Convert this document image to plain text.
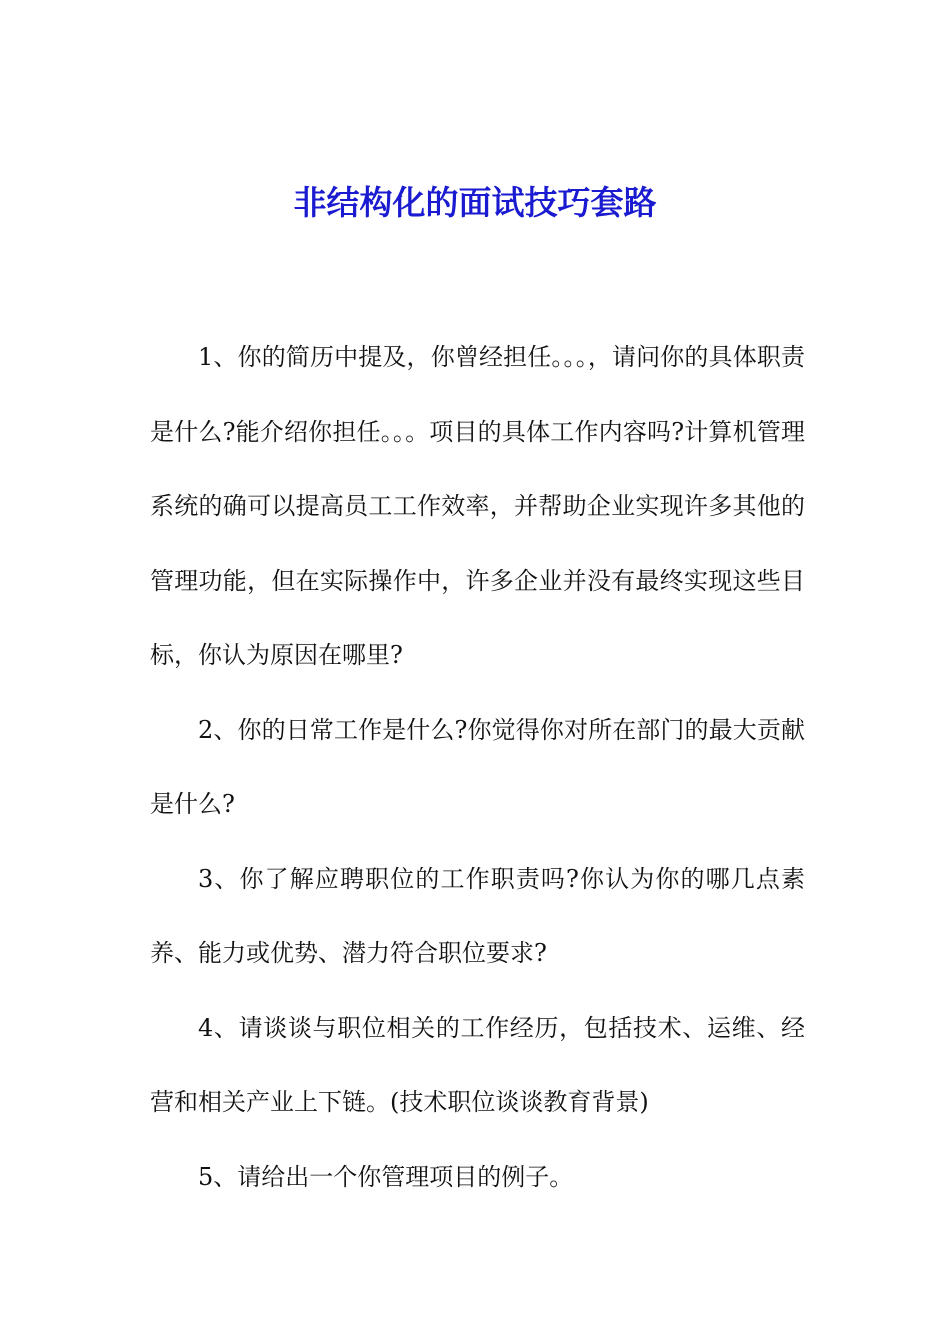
非结构化的面试技巧套路

1、你的简历中提及，你曾经担任。。。，请问你的具体职责是什么?能介绍你担任。。。项目的具体工作内容吗?计算机管理系统的确可以提高员工工作效率，并帮助企业实现许多其他的管理功能，但在实际操作中，许多企业并没有最终实现这些目标，你认为原因在哪里?

2、你的日常工作是什么?你觉得你对所在部门的最大贡献是什么?

3、你了解应聘职位的工作职责吗?你认为你的哪几点素养、能力或优势、潜力符合职位要求?

4、请谈谈与职位相关的工作经历，包括技术、运维、经营和相关产业上下链。(技术职位谈谈教育背景)

5、请给出一个你管理项目的例子。
